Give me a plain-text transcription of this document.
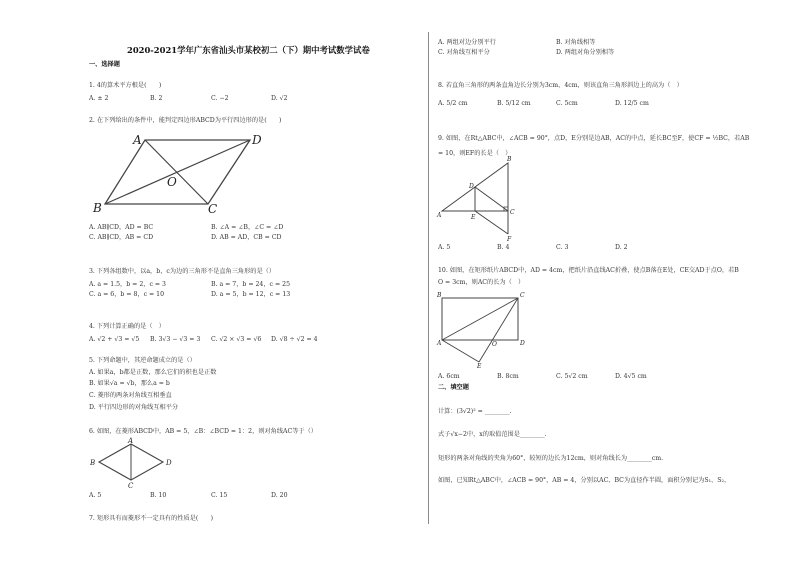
2020-2021学年广东省汕头市某校初二（下）期中考试数学试卷
一、选择题
1. 4的算术平方根是(　　)
A. ± 2	B. 2	C. −2	D. √2
2. 在下列给出的条件中，能判定四边形ABCD为平行四边形的是(　　)
A	D
B	C
O
A. AB∥CD，AD = BC	B. ∠A = ∠B，∠C = ∠D
C. AB∥CD，AB = CD	D. AB = AD，CB = CD
3. 下列各组数中，以a，b，c为边的三角形不是直角三角形的是（）
A. a = 1.5，b = 2，c = 3	B. a = 7，b = 24，c = 25
C. a = 6，b = 8，c = 10	D. a = 5，b = 12，c = 13
4. 下列计算正确的是（　）
A. √2 + √3 = √5 B. 3√3 − √3 = 3 C. √2 × √3 = √6 D. √8 ÷ √2 = 4
5. 下列命题中，其逆命题成立的是（）
A. 如果a，b都是正数，那么它们的积也是正数
B. 如果√a = √b，那么a = b
C. 菱形的两条对角线互相垂直
D. 平行四边形的对角线互相平分
6. 如图，在菱形ABCD中，AB = 5，∠B：∠BCD = 1：2，则对角线AC等于（）
A
B	D
C
A. 5	B. 10	C. 15	D. 20
7. 矩形具有而菱形不一定具有的性质是(　　)
A. 两组对边分别平行	B. 对角线相等
C. 对角线互相平分	D. 两组对角分别相等
8. 若直角三角形的两条直角边长分别为3cm，4cm，则该直角三角形斜边上的高为（　）
A. 5/2 cm	B. 5/12 cm	C. 5cm	D. 12/5 cm
9. 如图，在Rt△ABC中，∠ACB = 90°，点D，E分别是边AB，AC的中点，延长BC至F，使CF = ½BC，若AB
= 10，则EF的长是（　）
B
D
A	E
C
F
A. 5	B. 4	C. 3	D. 2
10. 如图，在矩形纸片ABCD中，AD = 4cm，把纸片沿直线AC折叠，使点B落在E处，CE交AD于点O，若B
O = 3cm，则AC的长为（　）
B	C
A	D
O
E
A. 6cm	B. 8cm	C. 5√2 cm	D. 4√5 cm
二、填空题
计算：(3√2)² = ________.
式子√x−2中，x的取值范围是________.
矩形的两条对角线的夹角为60°，较短的边长为12cm，则对角线长为________cm.
如图，已知Rt△ABC中，∠ACB = 90°，AB = 4，分别以AC、BC为直径作半圆，面积分别记为S₁、S₂，
